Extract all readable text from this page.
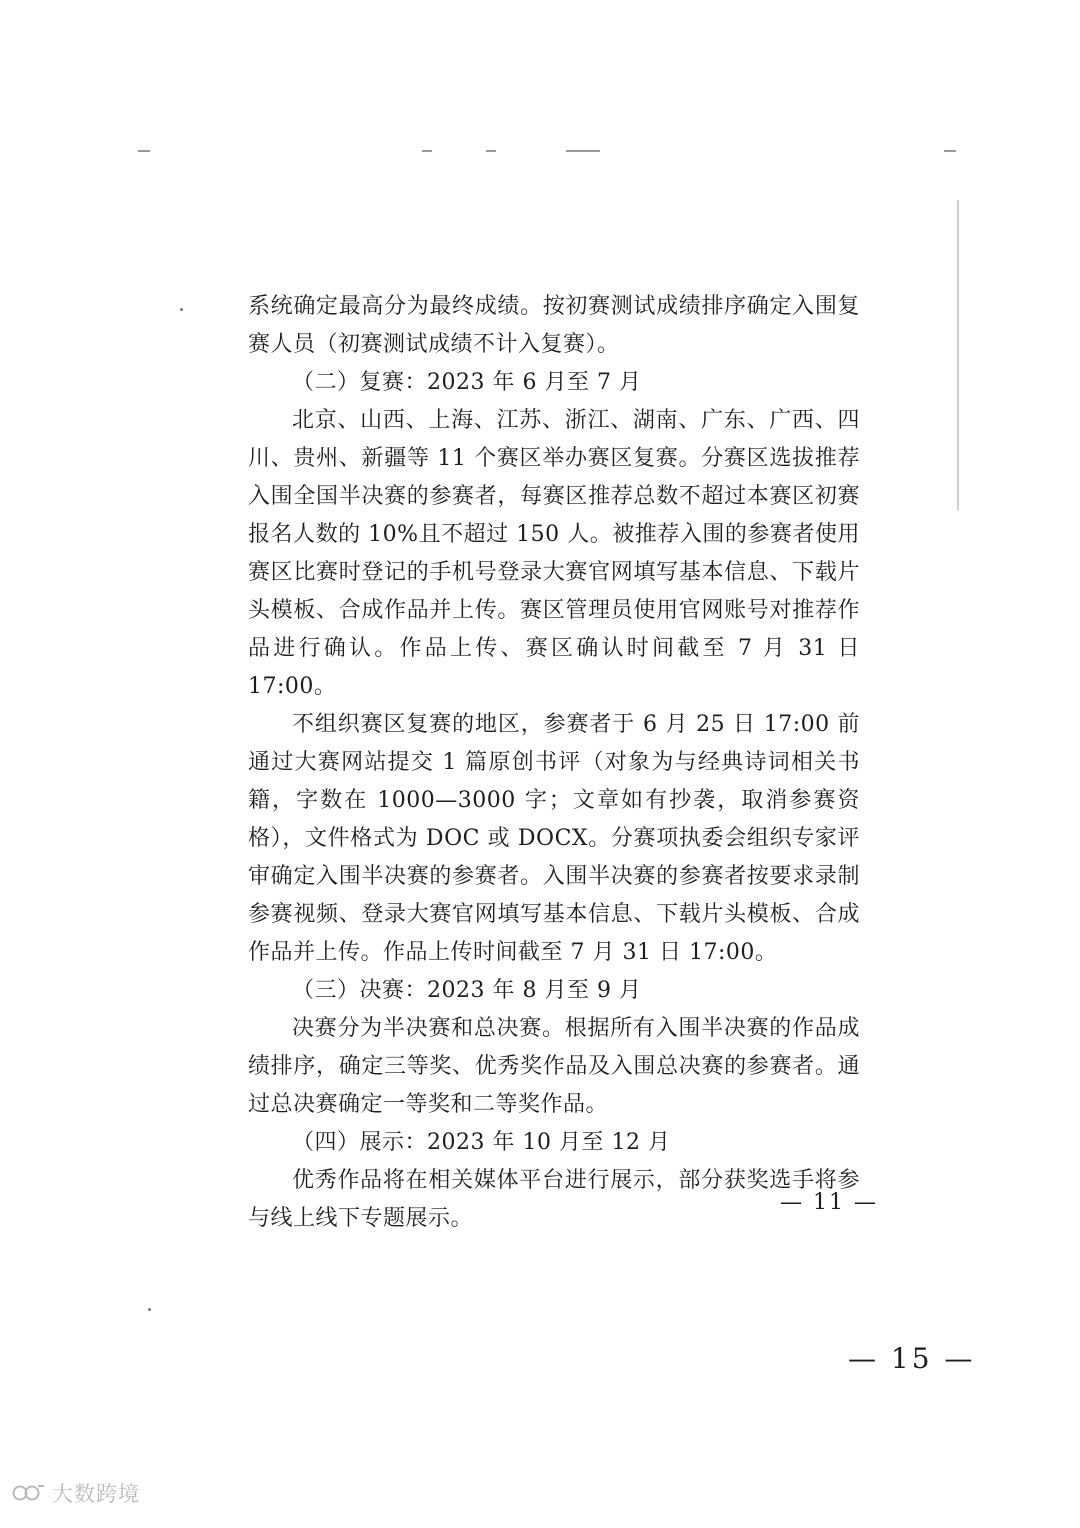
系统确定最高分为最终成绩。按初赛测试成绩排序确定入围复赛人员（初赛测试成绩不计入复赛）。

（二）复赛：2023 年 6 月至 7 月

北京、山西、上海、江苏、浙江、湖南、广东、广西、四川、贵州、新疆等 11 个赛区举办赛区复赛。分赛区选拔推荐入围全国半决赛的参赛者，每赛区推荐总数不超过本赛区初赛报名人数的 10%且不超过 150 人。被推荐入围的参赛者使用赛区比赛时登记的手机号登录大赛官网填写基本信息、下载片头模板、合成作品并上传。赛区管理员使用官网账号对推荐作品进行确认。作品上传、赛区确认时间截至 7 月 31 日 17:00。

不组织赛区复赛的地区，参赛者于 6 月 25 日 17:00 前通过大赛网站提交 1 篇原创书评（对象为与经典诗词相关书籍，字数在 1000—3000 字；文章如有抄袭，取消参赛资格），文件格式为 DOC 或 DOCX。分赛项执委会组织专家评审确定入围半决赛的参赛者。入围半决赛的参赛者按要求录制参赛视频、登录大赛官网填写基本信息、下载片头模板、合成作品并上传。作品上传时间截至 7 月 31 日 17:00。

（三）决赛：2023 年 8 月至 9 月

决赛分为半决赛和总决赛。根据所有入围半决赛的作品成绩排序，确定三等奖、优秀奖作品及入围总决赛的参赛者。通过总决赛确定一等奖和二等奖作品。

（四）展示：2023 年 10 月至 12 月

优秀作品将在相关媒体平台进行展示，部分获奖选手将参与线上线下专题展示。

— 11 —
— 15 —
大数跨境
